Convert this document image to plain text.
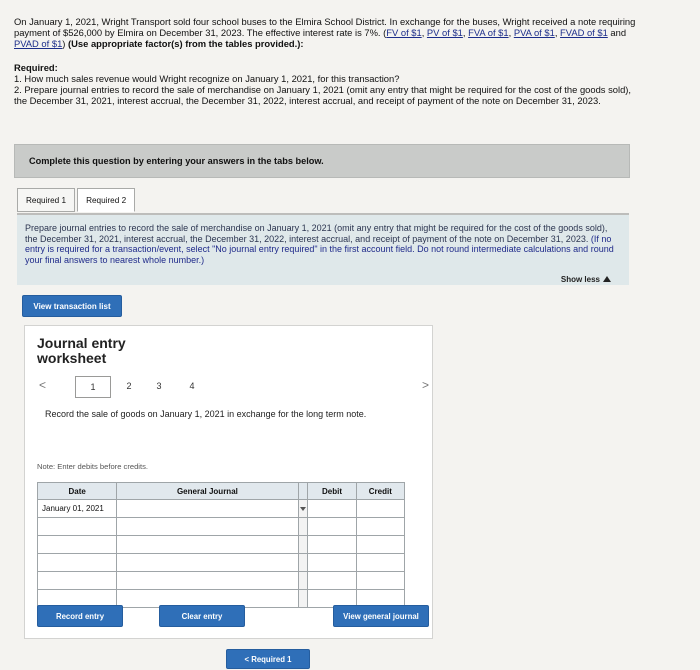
On January 1, 2021, Wright Transport sold four school buses to the Elmira School District. In exchange for the buses, Wright received a note requiring payment of $526,000 by Elmira on December 31, 2023. The effective interest rate is 7%. (FV of $1, PV of $1, FVA of $1, PVA of $1, FVAD of $1 and PVAD of $1) (Use appropriate factor(s) from the tables provided.):

Required:

1. How much sales revenue would Wright recognize on January 1, 2021, for this transaction?

2. Prepare journal entries to record the sale of merchandise on January 1, 2021 (omit any entry that might be required for the cost of the goods sold), the December 31, 2021, interest accrual, the December 31, 2022, interest accrual, and receipt of payment of the note on December 31, 2023.

Complete this question by entering your answers in the tabs below.
Required 1	Required 2
Prepare journal entries to record the sale of merchandise on January 1, 2021 (omit any entry that might be required for the cost of the goods sold), the December 31, 2021, interest accrual, the December 31, 2022, interest accrual, and receipt of payment of the note on December 31, 2023. (If no entry is required for a transaction/event, select "No journal entry required" in the first account field. Do not round intermediate calculations and round your final answers to nearest whole number.)
Show less
View transaction list
Journal entry worksheet
<	1	2	3	4	>
Record the sale of goods on January 1, 2021 in exchange for the long term note.
Note: Enter debits before credits.
Date	General Journal		Debit	Credit
January 01, 2021		

Record entry	Clear entry	View general journal
< Required 1
